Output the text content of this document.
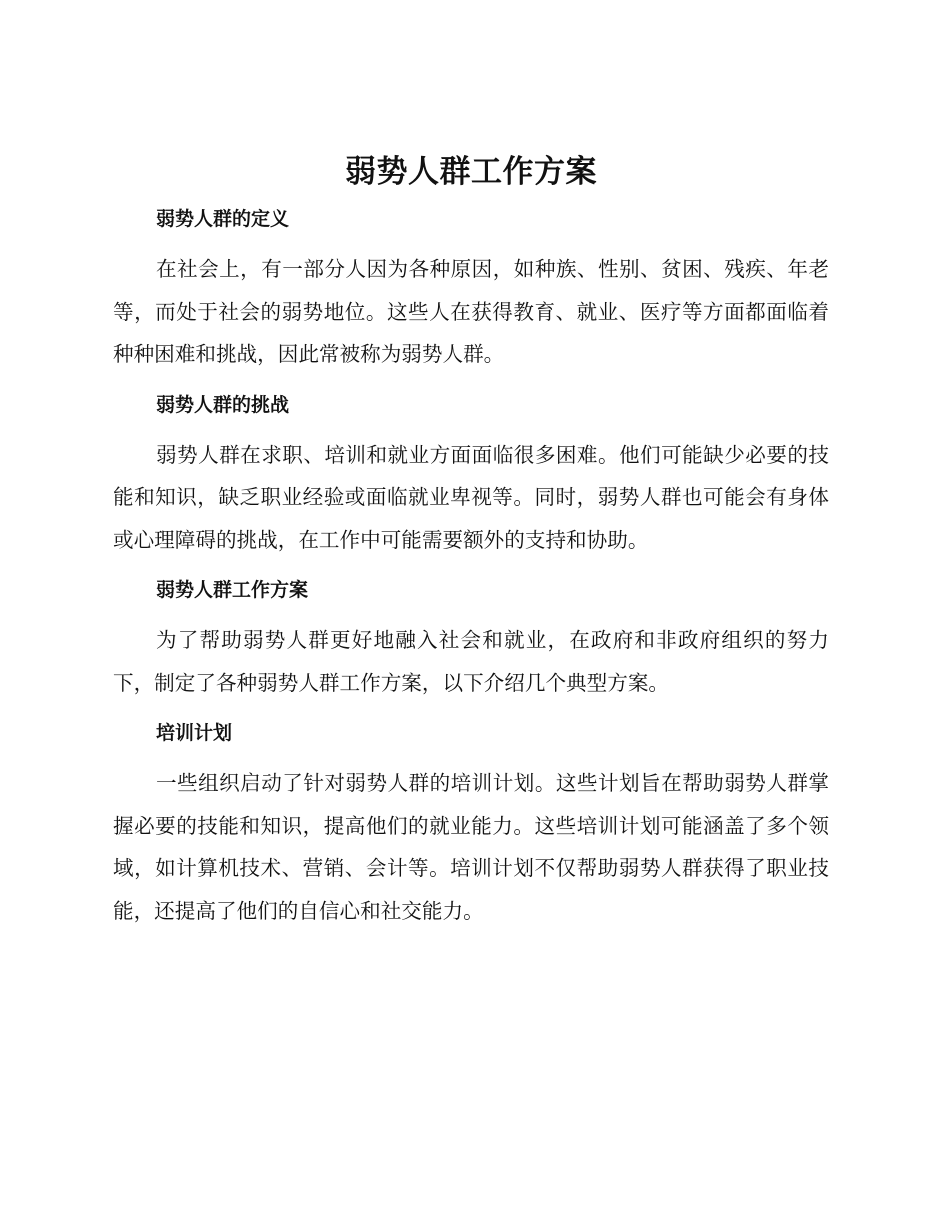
弱势人群工作方案
弱势人群的定义

在社会上，有一部分人因为各种原因，如种族、性别、贫困、残疾、年老等，而处于社会的弱势地位。这些人在获得教育、就业、医疗等方面都面临着种种困难和挑战，因此常被称为弱势人群。

弱势人群的挑战

弱势人群在求职、培训和就业方面面临很多困难。他们可能缺少必要的技能和知识，缺乏职业经验或面临就业卑视等。同时，弱势人群也可能会有身体或心理障碍的挑战，在工作中可能需要额外的支持和协助。

弱势人群工作方案

为了帮助弱势人群更好地融入社会和就业，在政府和非政府组织的努力下，制定了各种弱势人群工作方案，以下介绍几个典型方案。

培训计划

一些组织启动了针对弱势人群的培训计划。这些计划旨在帮助弱势人群掌握必要的技能和知识，提高他们的就业能力。这些培训计划可能涵盖了多个领域，如计算机技术、营销、会计等。培训计划不仅帮助弱势人群获得了职业技能，还提高了他们的自信心和社交能力。
